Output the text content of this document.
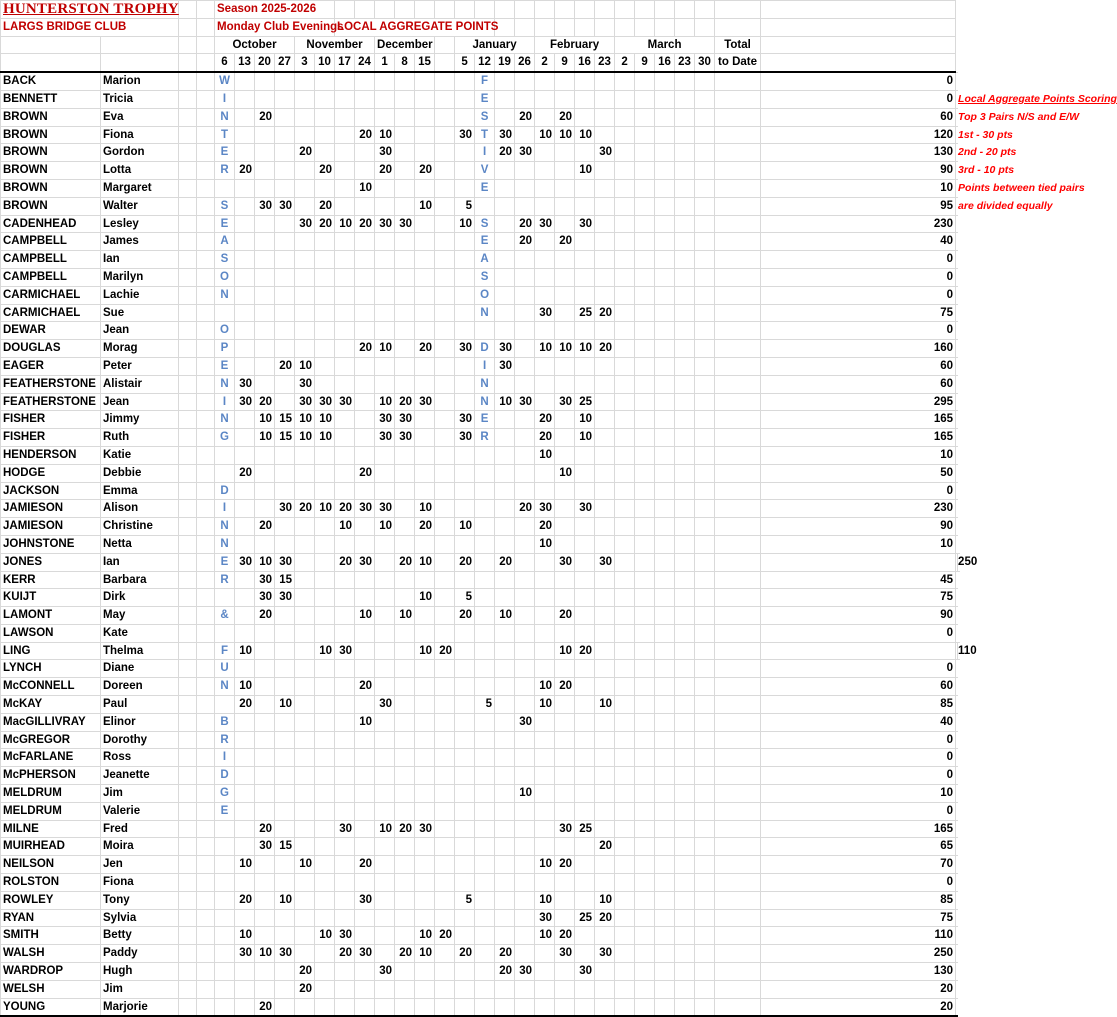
HUNTERSTON TROPHY				Season 2025-2026																												
LARGS BRIDGE CLUB				Monday Club Evenings						LOCAL AGGREGATE POINTS																						
				October				November				December				January				February				March					Total			
				6	13	20	27	3	10	17	24	1	8	15		5	12	19	26	2	9	16	23	2	9	16	23	30	to Date			
BACK	Marion			W													F													0		
BENNETT	Tricia			I													E													0	Local Aggregate Points Scoring	
BROWN	Eva			N		20											S		20		20									60	Top 3 Pairs N/S and E/W	
BROWN	Fiona			T							20	10				30	T	30		10	10	10								120	1st - 30 pts	
BROWN	Gordon			E				20				30					I	20	30				30							130	2nd - 20 pts	
BROWN	Lotta			R	20				20			20		20			V					10								90	3rd - 10 pts	
BROWN	Margaret										10						E													10	Points between tied pairs	
BROWN	Walter			S		30	30		20					10		5														95	are divided equally	
CADENHEAD	Lesley			E				30	20	10	20	30	30			10	S		20	30		30								230		
CAMPBELL	James			A													E		20		20									40		
CAMPBELL	Ian			S													A													0		
CAMPBELL	Marilyn			O													S													0		
CARMICHAEL	Lachie			N													O													0		
CARMICHAEL	Sue																N			30		25	20							75		
DEWAR	Jean			O																										0		
DOUGLAS	Morag			P							20	10		20		30	D	30		10	10	10	20							160		
EAGER	Peter			E			20	10									I	30												60		
FEATHERSTONE	Alistair			N	30			30									N													60		
FEATHERSTONE	Jean			I	30	20		30	30	30		10	20	30			N	10	30		30	25								295		
FISHER	Jimmy			N		10	15	10	10			30	30			30	E			20		10								165		
FISHER	Ruth			G		10	15	10	10			30	30			30	R			20		10								165		
HENDERSON	Katie																			10										10		
HODGE	Debbie				20						20										10									50		
JACKSON	Emma			D																										0		
JAMIESON	Alison			I			30	20	10	20	30	30		10					20	30		30								230		
JAMIESON	Christine			N		20				10		10		20		10				20										90		
JOHNSTONE	Netta			N																10										10		
JONES	Ian			E	30	10	30			20	30		20	10		20		20			30		30								250	
KERR	Barbara			R		30	15																							45		
KUIJT	Dirk					30	30							10		5														75		
LAMONT	May			&		20					10		10			20		10			20									90		
LAWSON	Kate																													0		
LING	Thelma			F	10				10	30				10	20						10	20									110	
LYNCH	Diane			U																										0		
McCONNELL	Doreen			N	10						20									10	20									60		
McKAY	Paul				20		10					30					5			10			10							85		
MacGILLIVRAY	Elinor			B							10								30											40		
McGREGOR	Dorothy			R																										0		
McFARLANE	Ross			I																										0		
McPHERSON	Jeanette			D																										0		
MELDRUM	Jim			G															10											10		
MELDRUM	Valerie			E																										0		
MILNE	Fred					20				30		10	20	30							30	25								165		
MUIRHEAD	Moira					30	15																20							65		
NEILSON	Jen				10			10			20									10	20									70		
ROLSTON	Fiona																													0		
ROWLEY	Tony				20		10				30					5				10			10							85		
RYAN	Sylvia																			30		25	20							75		
SMITH	Betty				10				10	30				10	20					10	20									110		
WALSH	Paddy				30	10	30			20	30		20	10		20		20			30		30							250		
WARDROP	Hugh							20				30						20	30			30								130		
WELSH	Jim							20																						20		
YOUNG	Marjorie					20																								20		
